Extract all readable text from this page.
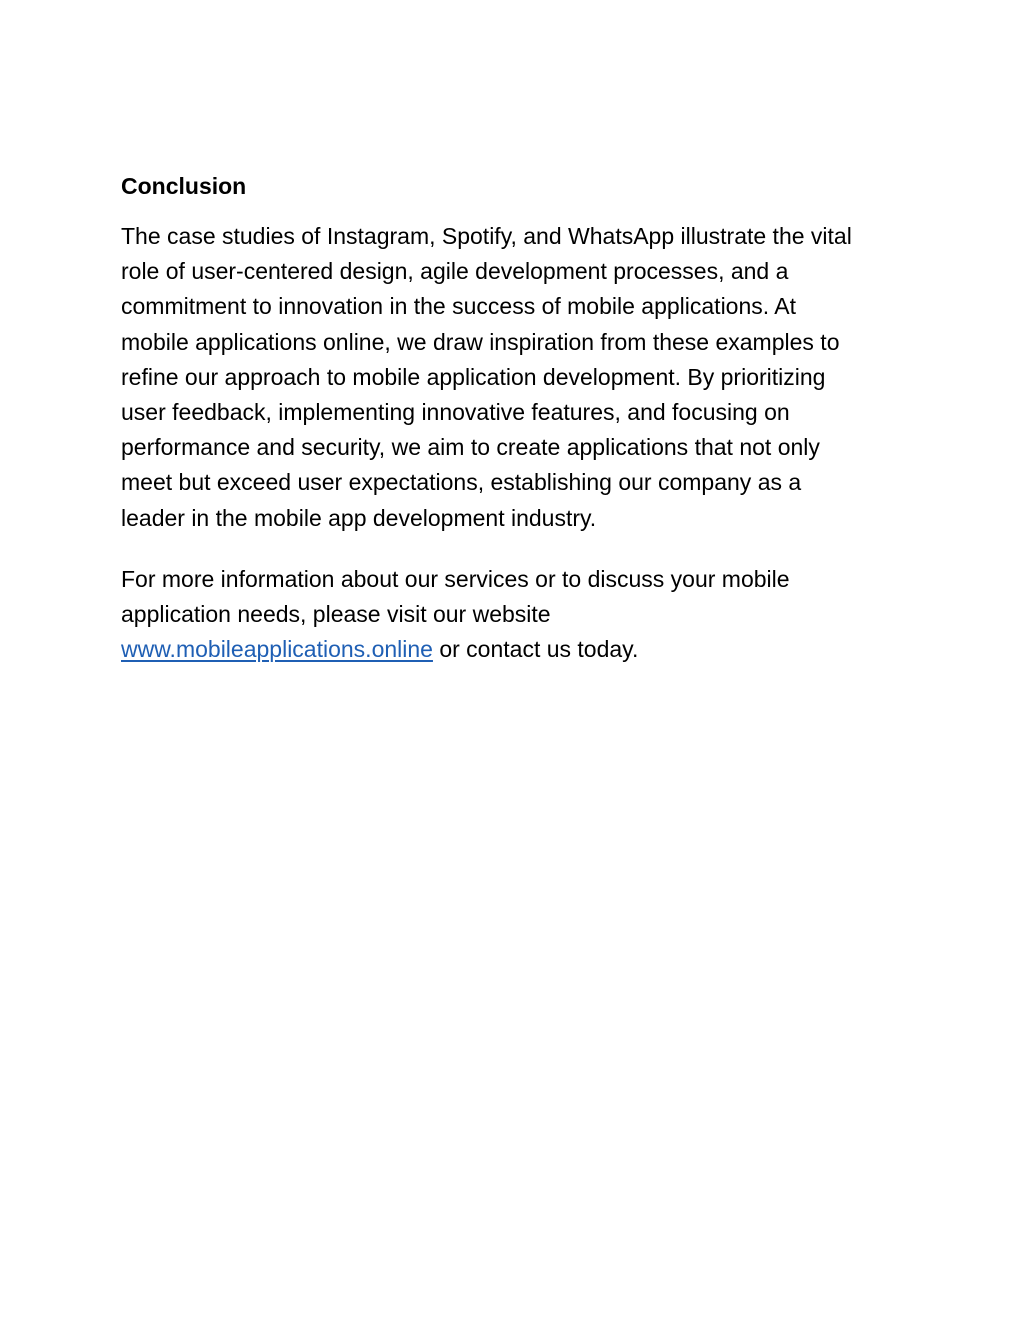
Conclusion
The case studies of Instagram, Spotify, and WhatsApp illustrate the vital
role of user-centered design, agile development processes, and a
commitment to innovation in the success of mobile applications. At
mobile applications online, we draw inspiration from these examples to
refine our approach to mobile application development. By prioritizing
user feedback, implementing innovative features, and focusing on
performance and security, we aim to create applications that not only
meet but exceed user expectations, establishing our company as a
leader in the mobile app development industry.
For more information about our services or to discuss your mobile
application needs, please visit our website
www.mobileapplications.online or contact us today.
